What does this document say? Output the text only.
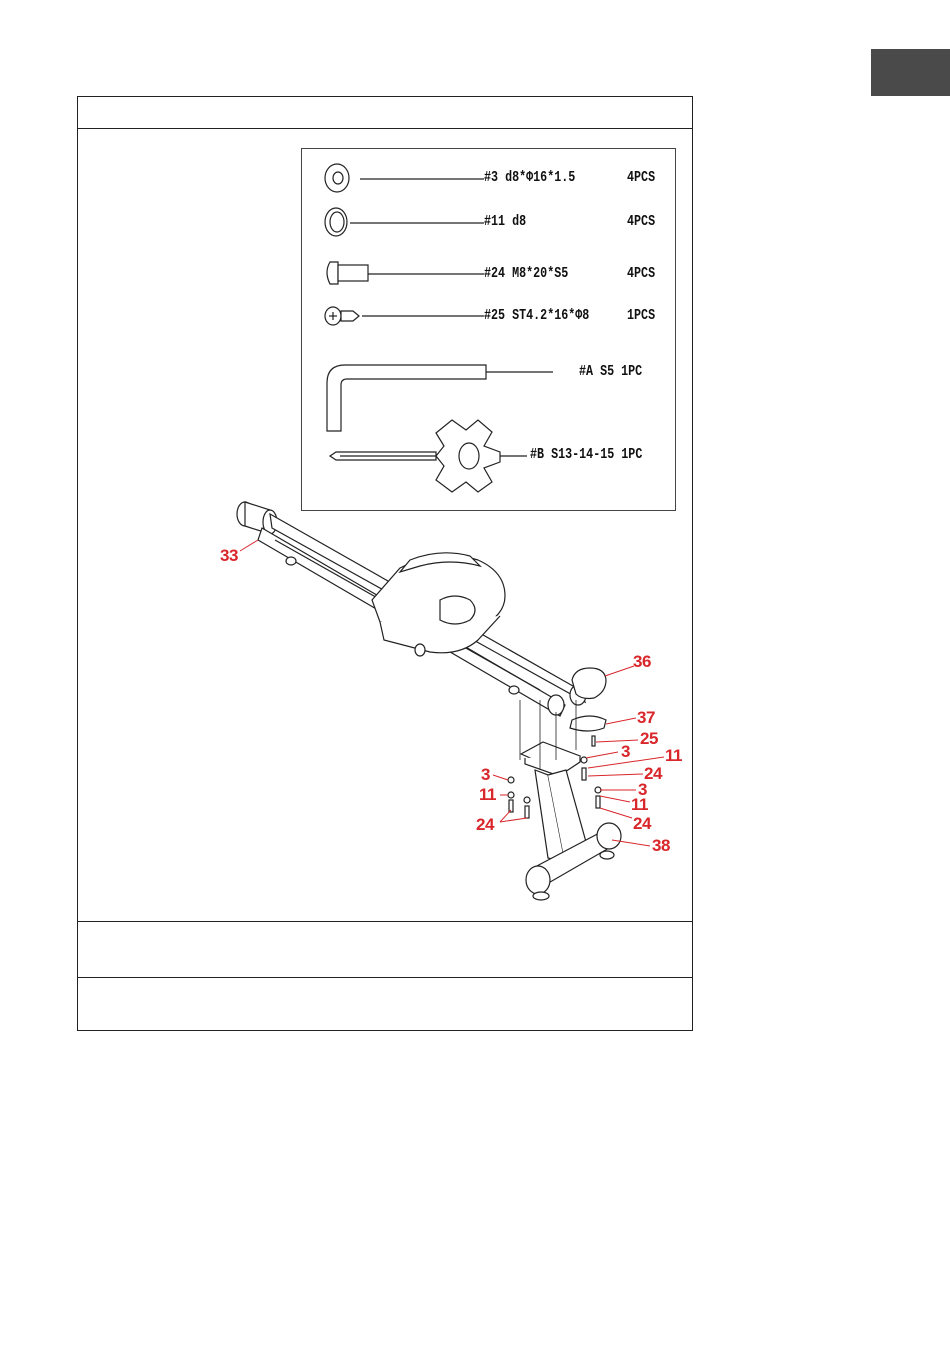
#3 d8*Φ16*1.5	4PCS
#11 d8	4PCS
#24 M8*20*S5	4PCS
#25 ST4.2*16*Φ8	1PCS
#A S5 1PC
#B S13-14-15 1PC
33
36
37
25
3 11
24
3
11
24
3
11
24
38
